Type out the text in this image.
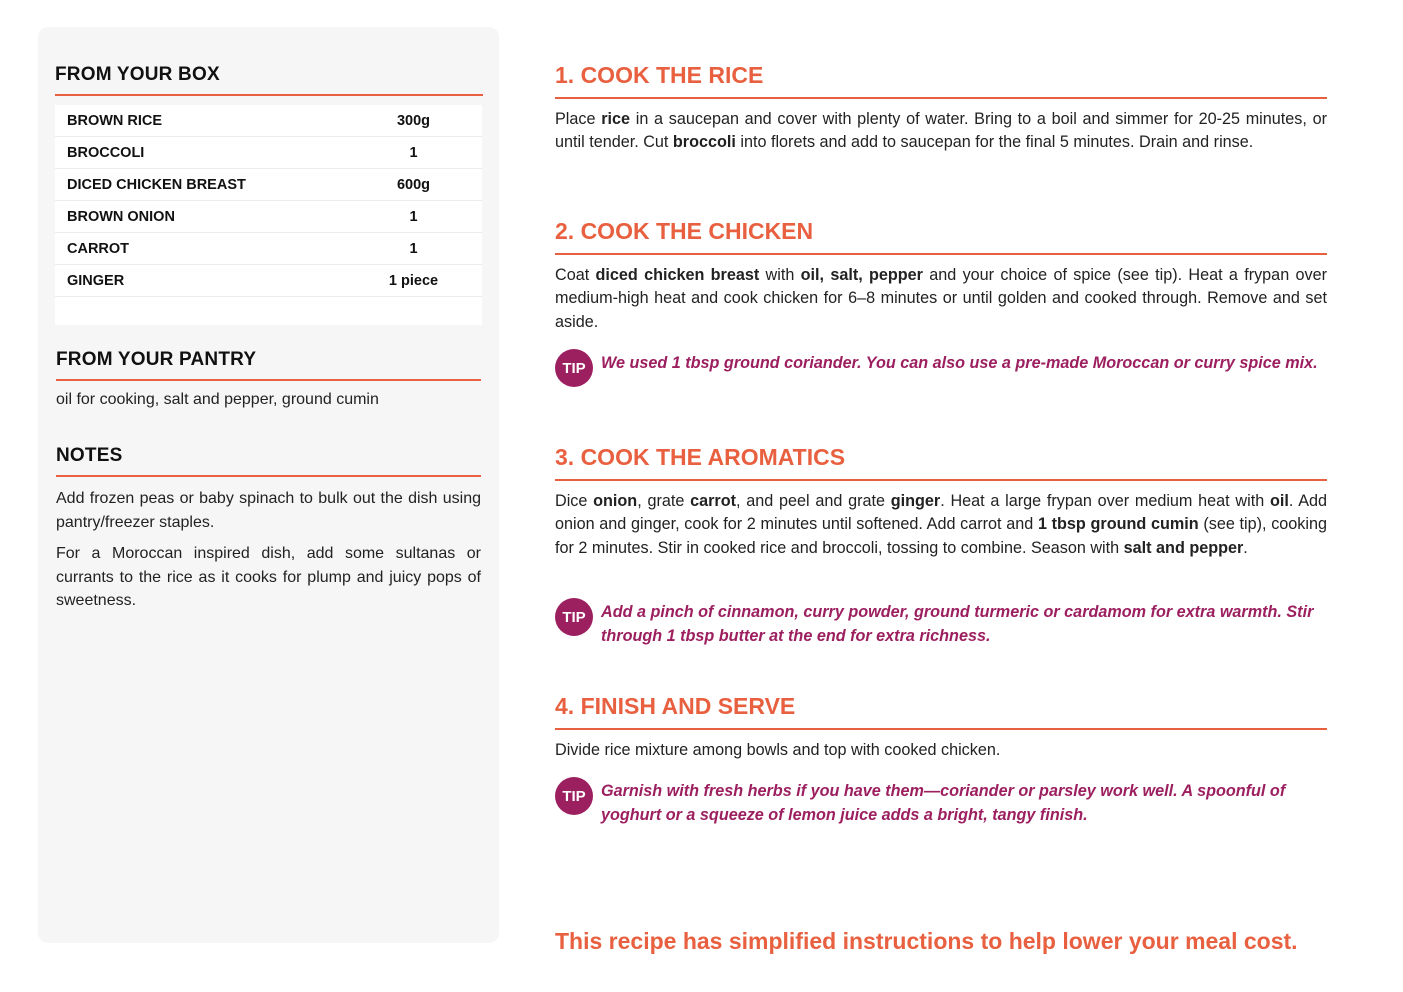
FROM YOUR BOX
BROWN RICE	300g
BROCCOLI	1
DICED CHICKEN BREAST	600g
BROWN ONION	1
CARROT	1
GINGER	1 piece
FROM YOUR PANTRY
oil for cooking, salt and pepper, ground cumin
NOTES

Add frozen peas or baby spinach to bulk out the dish using pantry/freezer staples.

For a Moroccan inspired dish, add some sultanas or currants to the rice as it cooks for plump and juicy pops of sweetness.

1. COOK THE RICE
Place rice in a saucepan and cover with plenty of water. Bring to a boil and simmer for 20-25 minutes, or until tender. Cut broccoli into florets and add to saucepan for the final 5 minutes. Drain and rinse.
2. COOK THE CHICKEN
Coat diced chicken breast with oil, salt, pepper and your choice of spice (see tip). Heat a frypan over medium-high heat and cook chicken for 6–8 minutes or until golden and cooked through. Remove and set aside.
TIP We used 1 tbsp ground coriander. You can also use a pre-made Moroccan or curry spice mix.
3. COOK THE AROMATICS
Dice onion, grate carrot, and peel and grate ginger. Heat a large frypan over medium heat with oil. Add onion and ginger, cook for 2 minutes until softened. Add carrot and 1 tbsp ground cumin (see tip), cooking for 2 minutes. Stir in cooked rice and broccoli, tossing to combine. Season with salt and pepper.
TIP Add a pinch of cinnamon, curry powder, ground turmeric or cardamom for extra warmth. Stir through 1 tbsp butter at the end for extra richness.
4. FINISH AND SERVE
Divide rice mixture among bowls and top with cooked chicken.
TIP Garnish with fresh herbs if you have them—coriander or parsley work well. A spoonful of yoghurt or a squeeze of lemon juice adds a bright, tangy finish.
This recipe has simplified instructions to help lower your meal cost.
